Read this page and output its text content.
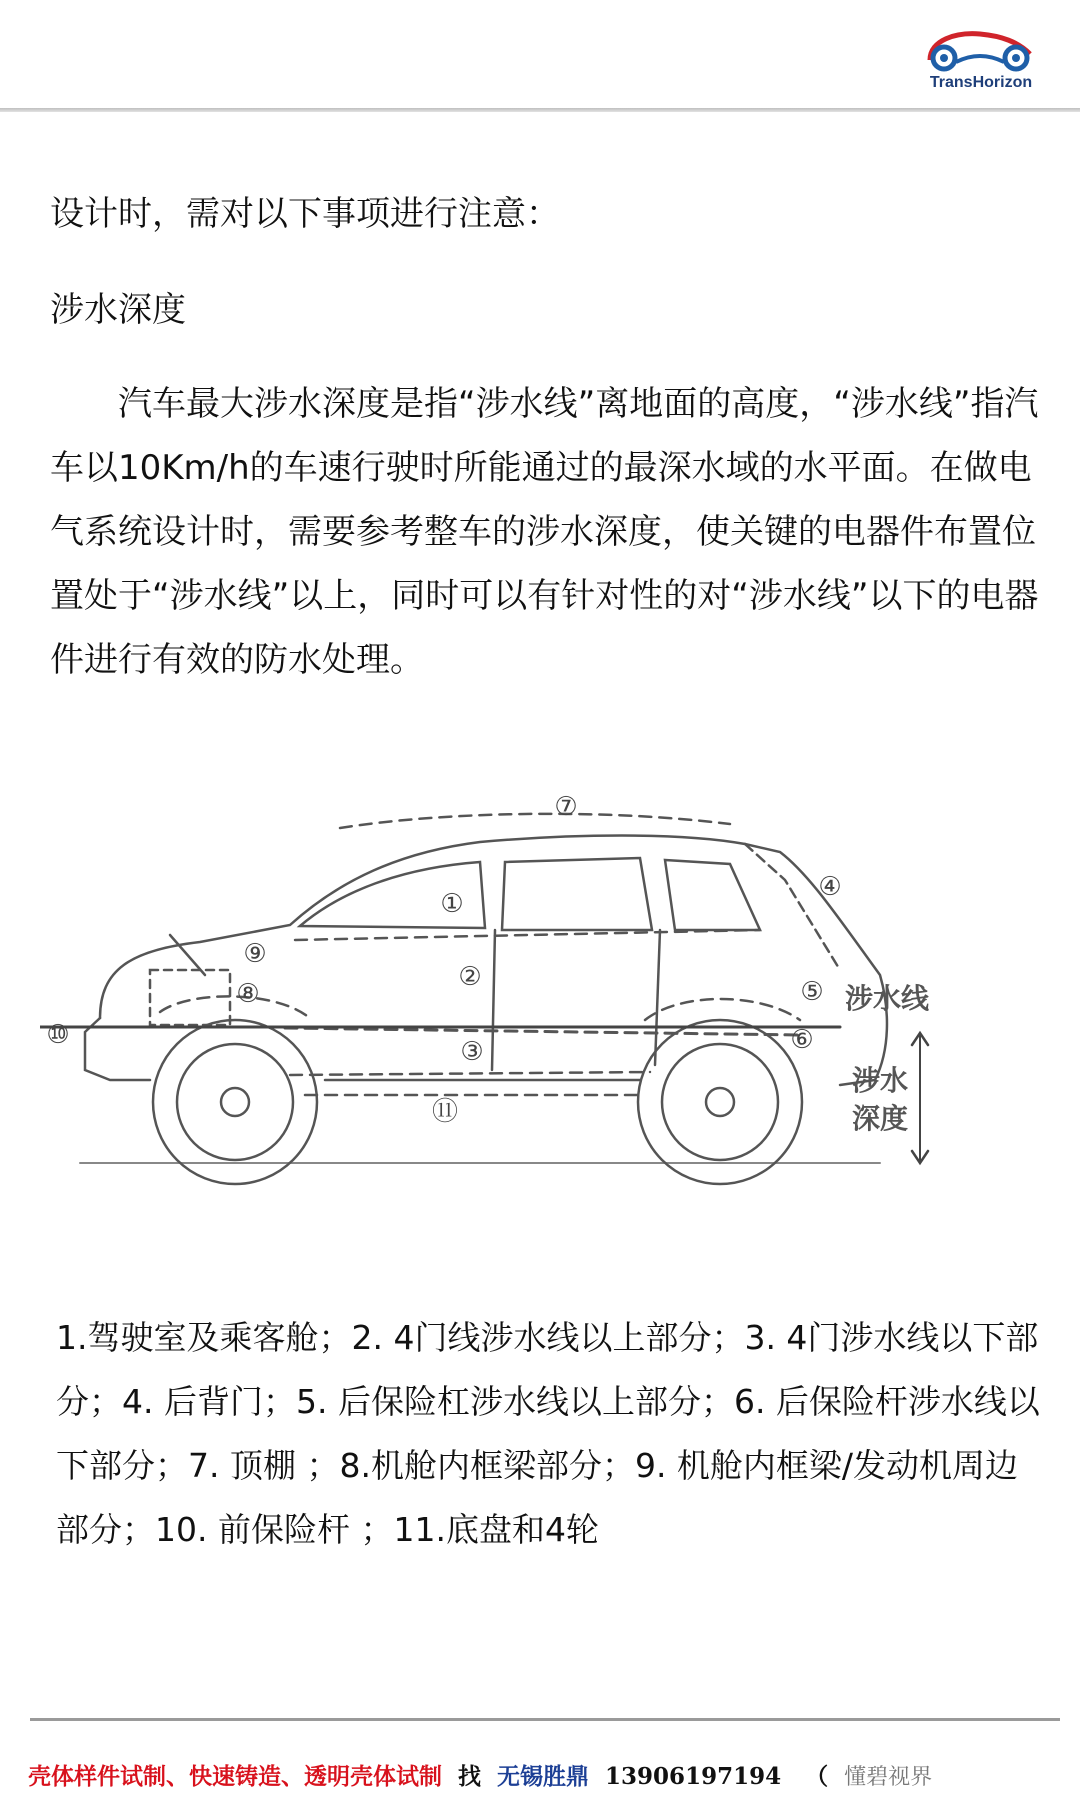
TransHorizon
设计时，需对以下事项进行注意：
涉水深度

汽车最大涉水深度是指“涉水线”离地面的高度，“涉水线”指汽车以10Km/h的车速行驶时所能通过的最深水域的水平面。在做电气系统设计时，需要参考整车的涉水深度，使关键的电器件布置位置处于“涉水线”以上，同时可以有针对性的对“涉水线”以下的电器件进行有效的防水处理。

①
②
③
④
⑤
⑥
⑦
⑧
⑨
⑩
⑪
涉水线
涉水
深度

1.驾驶室及乘客舱；2. 4门线涉水线以上部分；3. 4门涉水线以下部分；4. 后背门；5. 后保险杠涉水线以上部分；6. 后保险杆涉水线以下部分；7. 顶棚 ；8.机舱内框梁部分；9. 机舱内框梁/发动机周边部分；10. 前保险杆 ；11.底盘和4轮

壳体样件试制、快速铸造、透明壳体试制 找 无锡胜鼎 13906197194 （ 懂碧视界
